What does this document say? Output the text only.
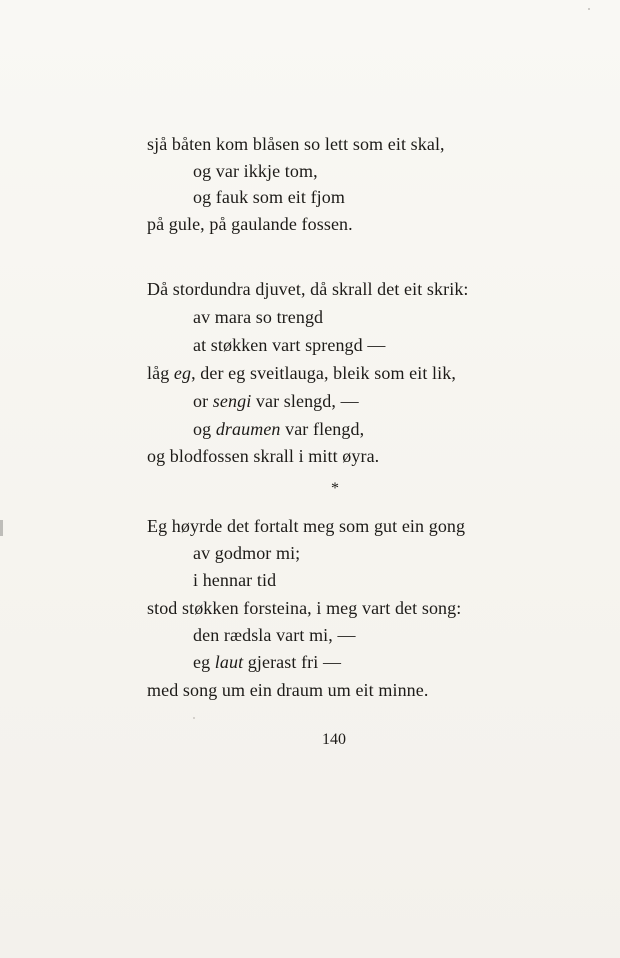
sjå båten kom blåsen so lett som eit skal,
og var ikkje tom,
og fauk som eit fjom
på gule, på gaulande fossen.
Då stordundra djuvet, då skrall det eit skrik:
av mara so trengd
at støkken vart sprengd —
låg eg, der eg sveitlauga, bleik som eit lik,
or sengi var slengd, —
og draumen var flengd,
og blodfossen skrall i mitt øyra.
Eg høyrde det fortalt meg som gut ein gong
av godmor mi;
i hennar tid
stod støkken forsteina, i meg vart det song:
den rædsla vart mi, —
eg laut gjerast fri —
med song um ein draum um eit minne.
*
140
